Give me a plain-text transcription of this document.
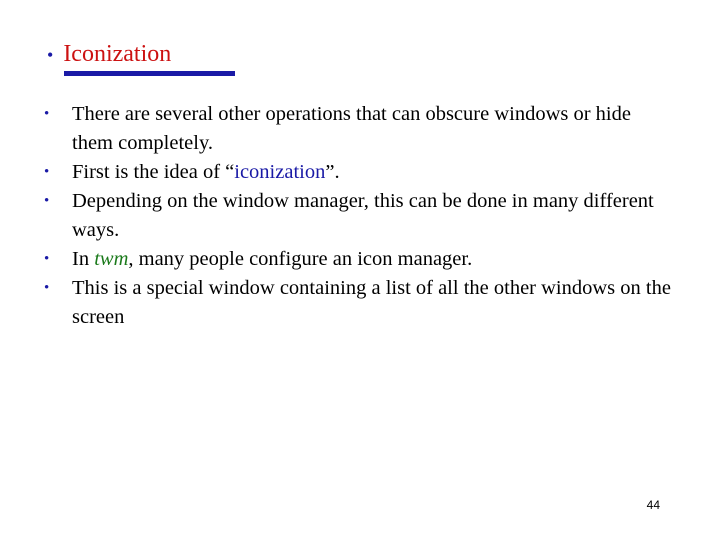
• Iconization
• There are several other operations that can obscure windows or hide them completely.
• First is the idea of “iconization”.
• Depending on the window manager, this can be done in many different ways.
• In twm, many people configure an icon manager.
• This is a special window containing a list of all the other windows on the screen
44
